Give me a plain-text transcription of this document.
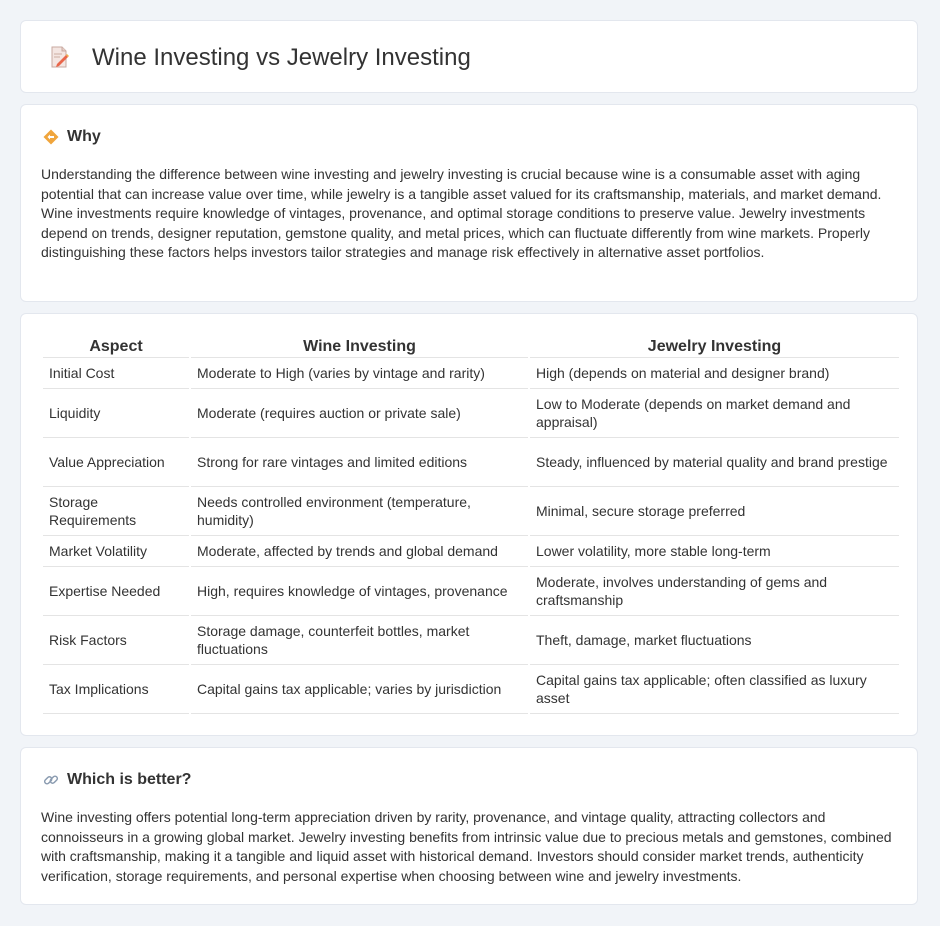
Wine Investing vs Jewelry Investing
Why

Understanding the difference between wine investing and jewelry investing is crucial because wine is a consumable asset with aging potential that can increase value over time, while jewelry is a tangible asset valued for its craftsmanship, materials, and market demand. Wine investments require knowledge of vintages, provenance, and optimal storage conditions to preserve value. Jewelry investments depend on trends, designer reputation, gemstone quality, and metal prices, which can fluctuate differently from wine markets. Properly distinguishing these factors helps investors tailor strategies and manage risk effectively in alternative asset portfolios.

Aspect	Wine Investing	Jewelry Investing
Initial Cost	Moderate to High (varies by vintage and rarity)	High (depends on material and designer brand)
Liquidity	Moderate (requires auction or private sale)	Low to Moderate (depends on market demand and appraisal)
Value Appreciation	Strong for rare vintages and limited editions	Steady, influenced by material quality and brand prestige
Storage Requirements	Needs controlled environment (temperature, humidity)	Minimal, secure storage preferred
Market Volatility	Moderate, affected by trends and global demand	Lower volatility, more stable long-term
Expertise Needed	High, requires knowledge of vintages, provenance	Moderate, involves understanding of gems and craftsmanship
Risk Factors	Storage damage, counterfeit bottles, market fluctuations	Theft, damage, market fluctuations
Tax Implications	Capital gains tax applicable; varies by jurisdiction	Capital gains tax applicable; often classified as luxury asset
Which is better?

Wine investing offers potential long-term appreciation driven by rarity, provenance, and vintage quality, attracting collectors and connoisseurs in a growing global market. Jewelry investing benefits from intrinsic value due to precious metals and gemstones, combined with craftsmanship, making it a tangible and liquid asset with historical demand. Investors should consider market trends, authenticity verification, storage requirements, and personal expertise when choosing between wine and jewelry investments.
